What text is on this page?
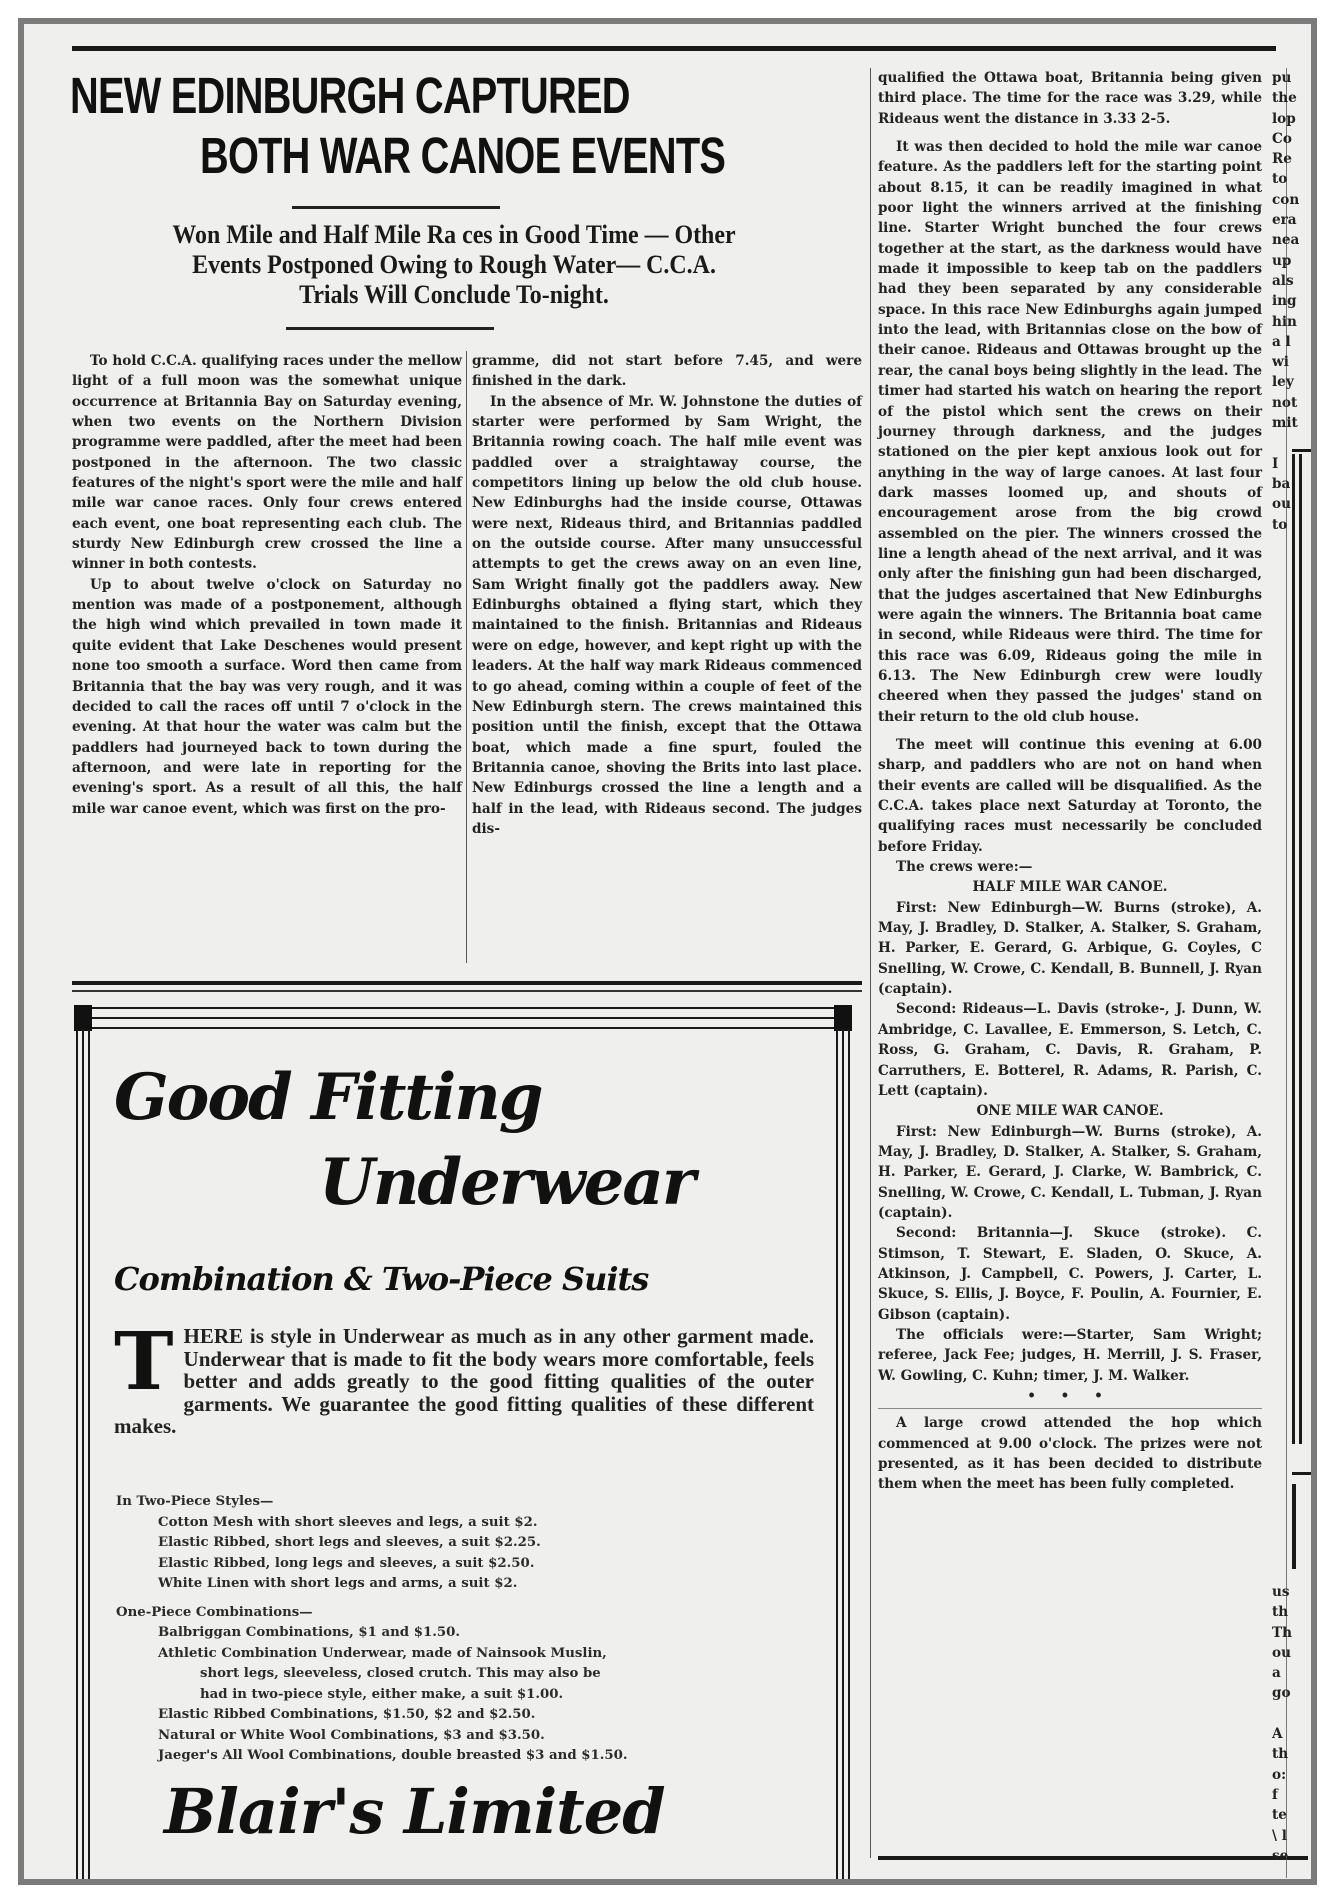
NEW EDINBURGH CAPTURED
BOTH WAR CANOE EVENTS
Won Mile and Half Mile Ra ces in Good Time — Other
Events Postponed Owing to Rough Water— C.C.A.
Trials Will Conclude To-night.

To hold C.C.A. qualifying races under the mellow light of a full moon was the somewhat unique occurrence at Britannia Bay on Saturday evening, when two events on the Northern Division programme were paddled, after the meet had been postponed in the afternoon. The two classic features of the night's sport were the mile and half mile war canoe races. Only four crews entered each event, one boat representing each club. The sturdy New Edinburgh crew crossed the line a winner in both contests.

Up to about twelve o'clock on Saturday no mention was made of a postponement, although the high wind which prevailed in town made it quite evident that Lake Deschenes would present none too smooth a surface. Word then came from Britannia that the bay was very rough, and it was decided to call the races off until 7 o'clock in the evening. At that hour the water was calm but the paddlers had journeyed back to town during the afternoon, and were late in reporting for the evening's sport. As a result of all this, the half mile war canoe event, which was first on the pro-

gramme, did not start before 7.45, and were finished in the dark.

In the absence of Mr. W. Johnstone the duties of starter were performed by Sam Wright, the Britannia rowing coach. The half mile event was paddled over a straightaway course, the competitors lining up below the old club house. New Edinburghs had the inside course, Ottawas were next, Rideaus third, and Britannias paddled on the outside course. After many unsuccessful attempts to get the crews away on an even line, Sam Wright finally got the paddlers away. New Edinburghs obtained a flying start, which they maintained to the finish. Britannias and Rideaus were on edge, however, and kept right up with the leaders. At the half way mark Rideaus commenced to go ahead, coming within a couple of feet of the New Edinburgh stern. The crews maintained this position until the finish, except that the Ottawa boat, which made a fine spurt, fouled the Britannia canoe, shoving the Brits into last place. New Edinburgs crossed the line a length and a half in the lead, with Rideaus second. The judges dis-

qualified the Ottawa boat, Britannia being given third place. The time for the race was 3.29, while Rideaus went the distance in 3.33 2-5.

It was then decided to hold the mile war canoe feature. As the paddlers left for the starting point about 8.15, it can be readily imagined in what poor light the winners arrived at the finishing line. Starter Wright bunched the four crews together at the start, as the darkness would have made it impossible to keep tab on the paddlers had they been separated by any considerable space. In this race New Edinburghs again jumped into the lead, with Britannias close on the bow of their canoe. Rideaus and Ottawas brought up the rear, the canal boys being slightly in the lead. The timer had started his watch on hearing the report of the pistol which sent the crews on their journey through darkness, and the judges stationed on the pier kept anxious look out for anything in the way of large canoes. At last four dark masses loomed up, and shouts of encouragement arose from the big crowd assembled on the pier. The winners crossed the line a length ahead of the next arrival, and it was only after the finishing gun had been discharged, that the judges ascertained that New Edinburghs were again the winners. The Britannia boat came in second, while Rideaus were third. The time for this race was 6.09, Rideaus going the mile in 6.13. The New Edinburgh crew were loudly cheered when they passed the judges' stand on their return to the old club house.

The meet will continue this evening at 6.00 sharp, and paddlers who are not on hand when their events are called will be disqualified. As the C.C.A. takes place next Saturday at Toronto, the qualifying races must necessarily be concluded before Friday.

The crews were:—

HALF MILE WAR CANOE.

First: New Edinburgh—W. Burns (stroke), A. May, J. Bradley, D. Stalker, A. Stalker, S. Graham, H. Parker, E. Gerard, G. Arbique, G. Coyles, C Snelling, W. Crowe, C. Kendall, B. Bunnell, J. Ryan (captain).

Second: Rideaus—L. Davis (stroke-, J. Dunn, W. Ambridge, C. Lavallee, E. Emmerson, S. Letch, C. Ross, G. Graham, C. Davis, R. Graham, P. Carruthers, E. Botterel, R. Adams, R. Parish, C. Lett (captain).

ONE MILE WAR CANOE.

First: New Edinburgh—W. Burns (stroke), A. May, J. Bradley, D. Stalker, A. Stalker, S. Graham, H. Parker, E. Gerard, J. Clarke, W. Bambrick, C. Snelling, W. Crowe, C. Kendall, L. Tubman, J. Ryan (captain).

Second: Britannia—J. Skuce (stroke). C. Stimson, T. Stewart, E. Sladen, O. Skuce, A. Atkinson, J. Campbell, C. Powers, J. Carter, L. Skuce, S. Ellis, J. Boyce, F. Poulin, A. Fournier, E. Gibson (captain).

The officials were:—Starter, Sam Wright; referee, Jack Fee; judges, H. Merrill, J. S. Fraser, W. Gowling, C. Kuhn; timer, J. M. Walker.

• • •

A large crowd attended the hop which commenced at 9.00 o'clock. The prizes were not presented, as it has been decided to distribute them when the meet has been fully completed.

pu
the
lop
Co
Re
to
con
era
nea
up
als
ing
hin
a l
wi
ley
not
mit

I
ba
ou
to
us
th
Th
ou
a
go

A
th
o:
f
te
\ l
se
Good Fitting
Underwear
Combination & Two-Piece Suits
T HERE is style in Underwear as much as in any other garment made. Underwear that is made to fit the body wears more comfortable, feels better and adds greatly to the good fitting qualities of the outer garments. We guarantee the good fitting qualities of these different makes.

In Two-Piece Styles—

Cotton Mesh with short sleeves and legs, a suit $2.

Elastic Ribbed, short legs and sleeves, a suit $2.25.

Elastic Ribbed, long legs and sleeves, a suit $2.50.

White Linen with short legs and arms, a suit $2.

One-Piece Combinations—

Balbriggan Combinations, $1 and $1.50.

Athletic Combination Underwear, made of Nainsook Muslin,

short legs, sleeveless, closed crutch. This may also be

had in two-piece style, either make, a suit $1.00.

Elastic Ribbed Combinations, $1.50, $2 and $2.50.

Natural or White Wool Combinations, $3 and $3.50.

Jaeger's All Wool Combinations, double breasted $3 and $1.50.

Blair's Limited
